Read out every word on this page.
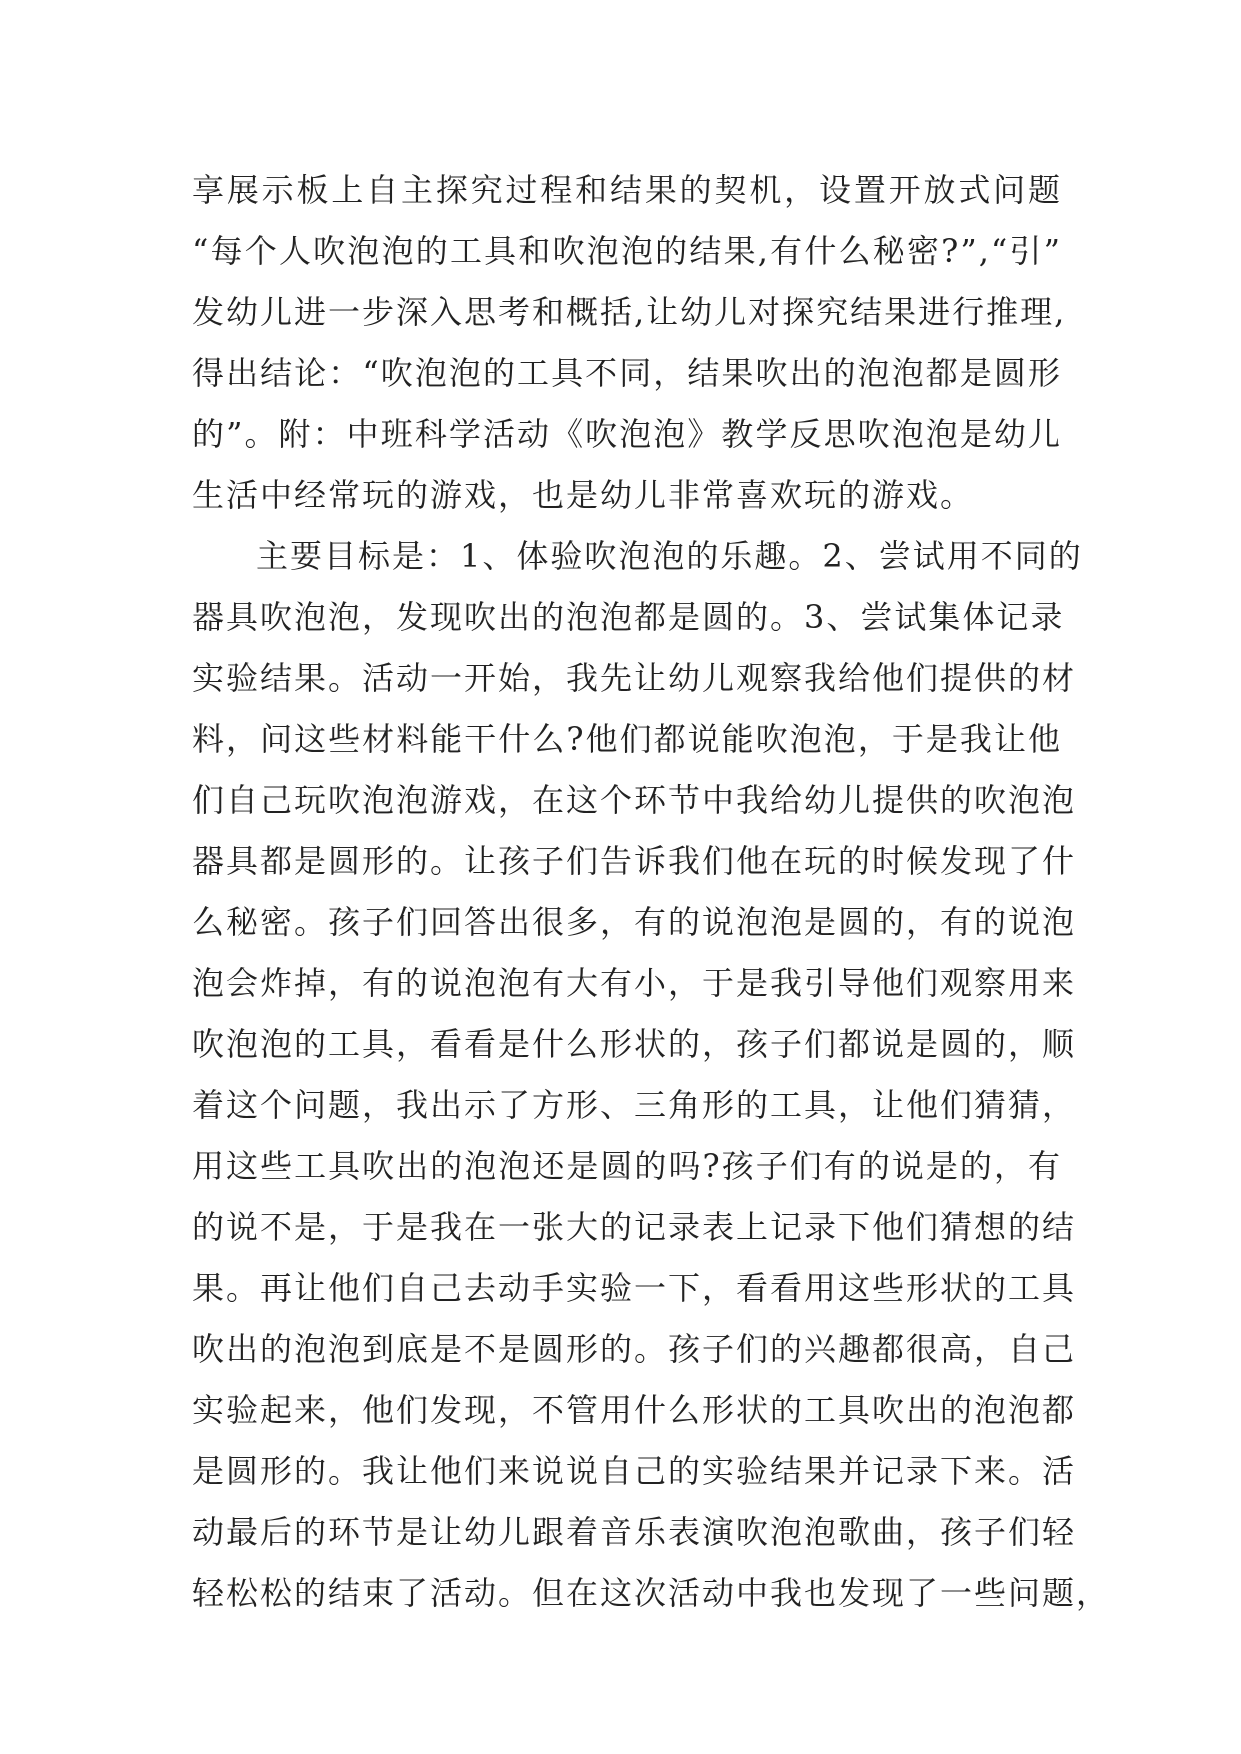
享展示板上自主探究过程和结果的契机，设置开放式问题
“每个人吹泡泡的工具和吹泡泡的结果,有什么秘密?”,“引”
发幼儿进一步深入思考和概括,让幼儿对探究结果进行推理,
得出结论：“吹泡泡的工具不同，结果吹出的泡泡都是圆形
的”。附：中班科学活动《吹泡泡》教学反思吹泡泡是幼儿
生活中经常玩的游戏，也是幼儿非常喜欢玩的游戏。
主要目标是：1、体验吹泡泡的乐趣。2、尝试用不同的
器具吹泡泡，发现吹出的泡泡都是圆的。3、尝试集体记录
实验结果。活动一开始，我先让幼儿观察我给他们提供的材
料，问这些材料能干什么?他们都说能吹泡泡，于是我让他
们自己玩吹泡泡游戏，在这个环节中我给幼儿提供的吹泡泡
器具都是圆形的。让孩子们告诉我们他在玩的时候发现了什
么秘密。孩子们回答出很多，有的说泡泡是圆的，有的说泡
泡会炸掉，有的说泡泡有大有小，于是我引导他们观察用来
吹泡泡的工具，看看是什么形状的，孩子们都说是圆的，顺
着这个问题，我出示了方形、三角形的工具，让他们猜猜，
用这些工具吹出的泡泡还是圆的吗?孩子们有的说是的，有
的说不是，于是我在一张大的记录表上记录下他们猜想的结
果。再让他们自己去动手实验一下，看看用这些形状的工具
吹出的泡泡到底是不是圆形的。孩子们的兴趣都很高，自己
实验起来，他们发现，不管用什么形状的工具吹出的泡泡都
是圆形的。我让他们来说说自己的实验结果并记录下来。活
动最后的环节是让幼儿跟着音乐表演吹泡泡歌曲，孩子们轻
轻松松的结束了活动。但在这次活动中我也发现了一些问题，
